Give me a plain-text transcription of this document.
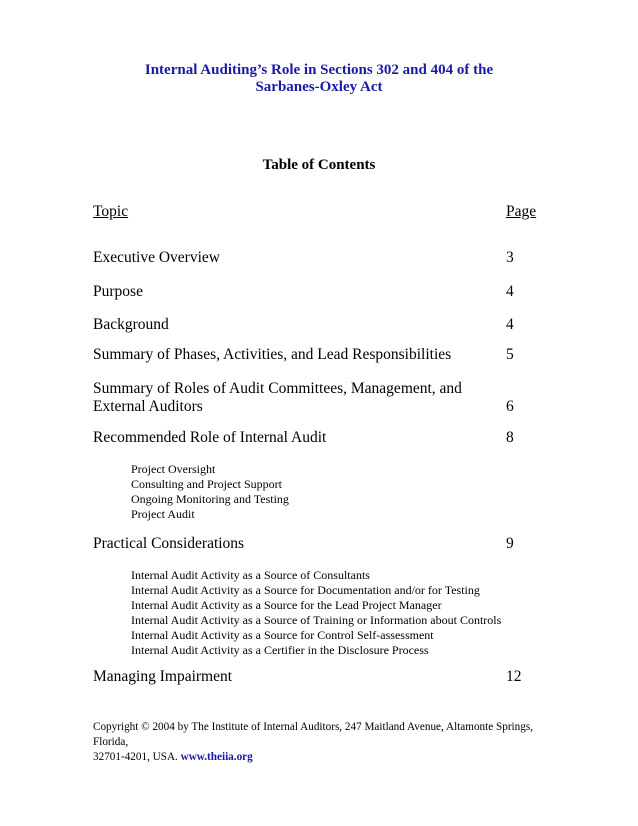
Internal Auditing’s Role in Sections 302 and 404 of the
Sarbanes-Oxley Act
Table of Contents
Topic	Page
Executive Overview	3
Purpose	4
Background	4
Summary of Phases, Activities, and Lead Responsibilities	5
Summary of Roles of Audit Committees, Management, and
External Auditors	6
Recommended Role of Internal Audit	8
Project Oversight
Consulting and Project Support
Ongoing Monitoring and Testing
Project Audit
Practical Considerations	9
Internal Audit Activity as a Source of Consultants
Internal Audit Activity as a Source for Documentation and/or for Testing
Internal Audit Activity as a Source for the Lead Project Manager
Internal Audit Activity as a Source of Training or Information about Controls
Internal Audit Activity as a Source for Control Self-assessment
Internal Audit Activity as a Certifier in the Disclosure Process
Managing Impairment	12
Copyright © 2004 by The Institute of Internal Auditors, 247 Maitland Avenue, Altamonte Springs, Florida,
32701-4201, USA. www.theiia.org
